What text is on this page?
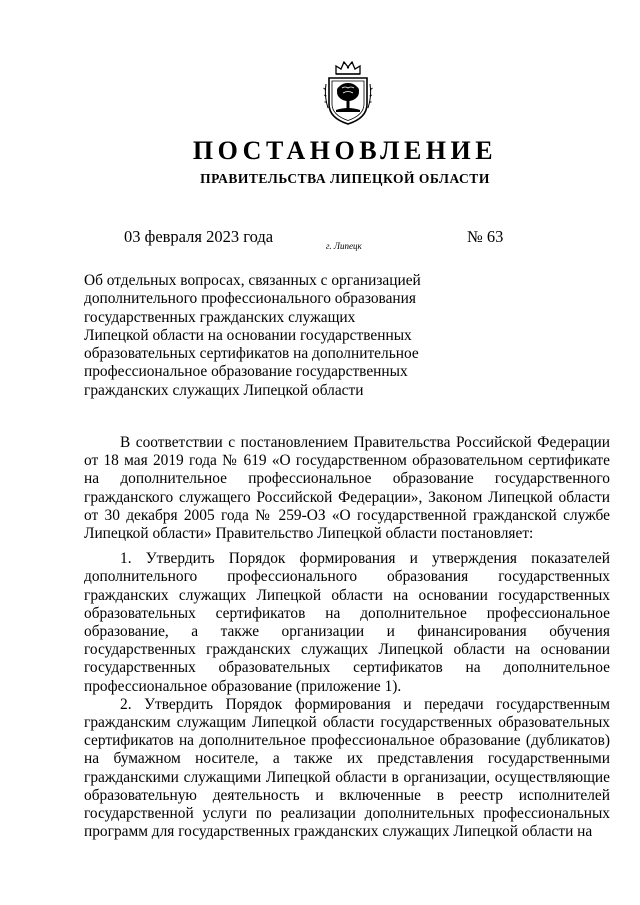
ПОСТАНОВЛЕНИЕ
ПРАВИТЕЛЬСТВА ЛИПЕЦКОЙ ОБЛАСТИ
03 февраля 2023 года	г. Липецк	№ 63
Об отдельных вопросах, связанных с организацией
дополнительного профессионального образования
государственных гражданских служащих
Липецкой области на основании государственных
образовательных сертификатов на дополнительное
профессиональное образование государственных
гражданских служащих Липецкой области

В соответствии с постановлением Правительства Российской Федерации от 18 мая 2019 года № 619 «О государственном образовательном сертификате на дополнительное профессиональное образование государственного гражданского служащего Российской Федерации», Законом Липецкой области от 30 декабря 2005 года № 259-ОЗ «О государственной гражданской службе Липецкой области» Правительство Липецкой области постановляет:

1. Утвердить Порядок формирования и утверждения показателей дополнительного профессионального образования государственных гражданских служащих Липецкой области на основании государственных образовательных сертификатов на дополнительное профессиональное образование, а также организации и финансирования обучения государственных гражданских служащих Липецкой области на основании государственных образовательных сертификатов на дополнительное профессиональное образование (приложение 1).

2. Утвердить Порядок формирования и передачи государственным гражданским служащим Липецкой области государственных образовательных сертификатов на дополнительное профессиональное образование (дубликатов) на бумажном носителе, а также их представления государственными гражданскими служащими Липецкой области в организации, осуществляющие образовательную деятельность и включенные в реестр исполнителей государственной услуги по реализации дополнительных профессиональных программ для государственных гражданских служащих Липецкой области на
